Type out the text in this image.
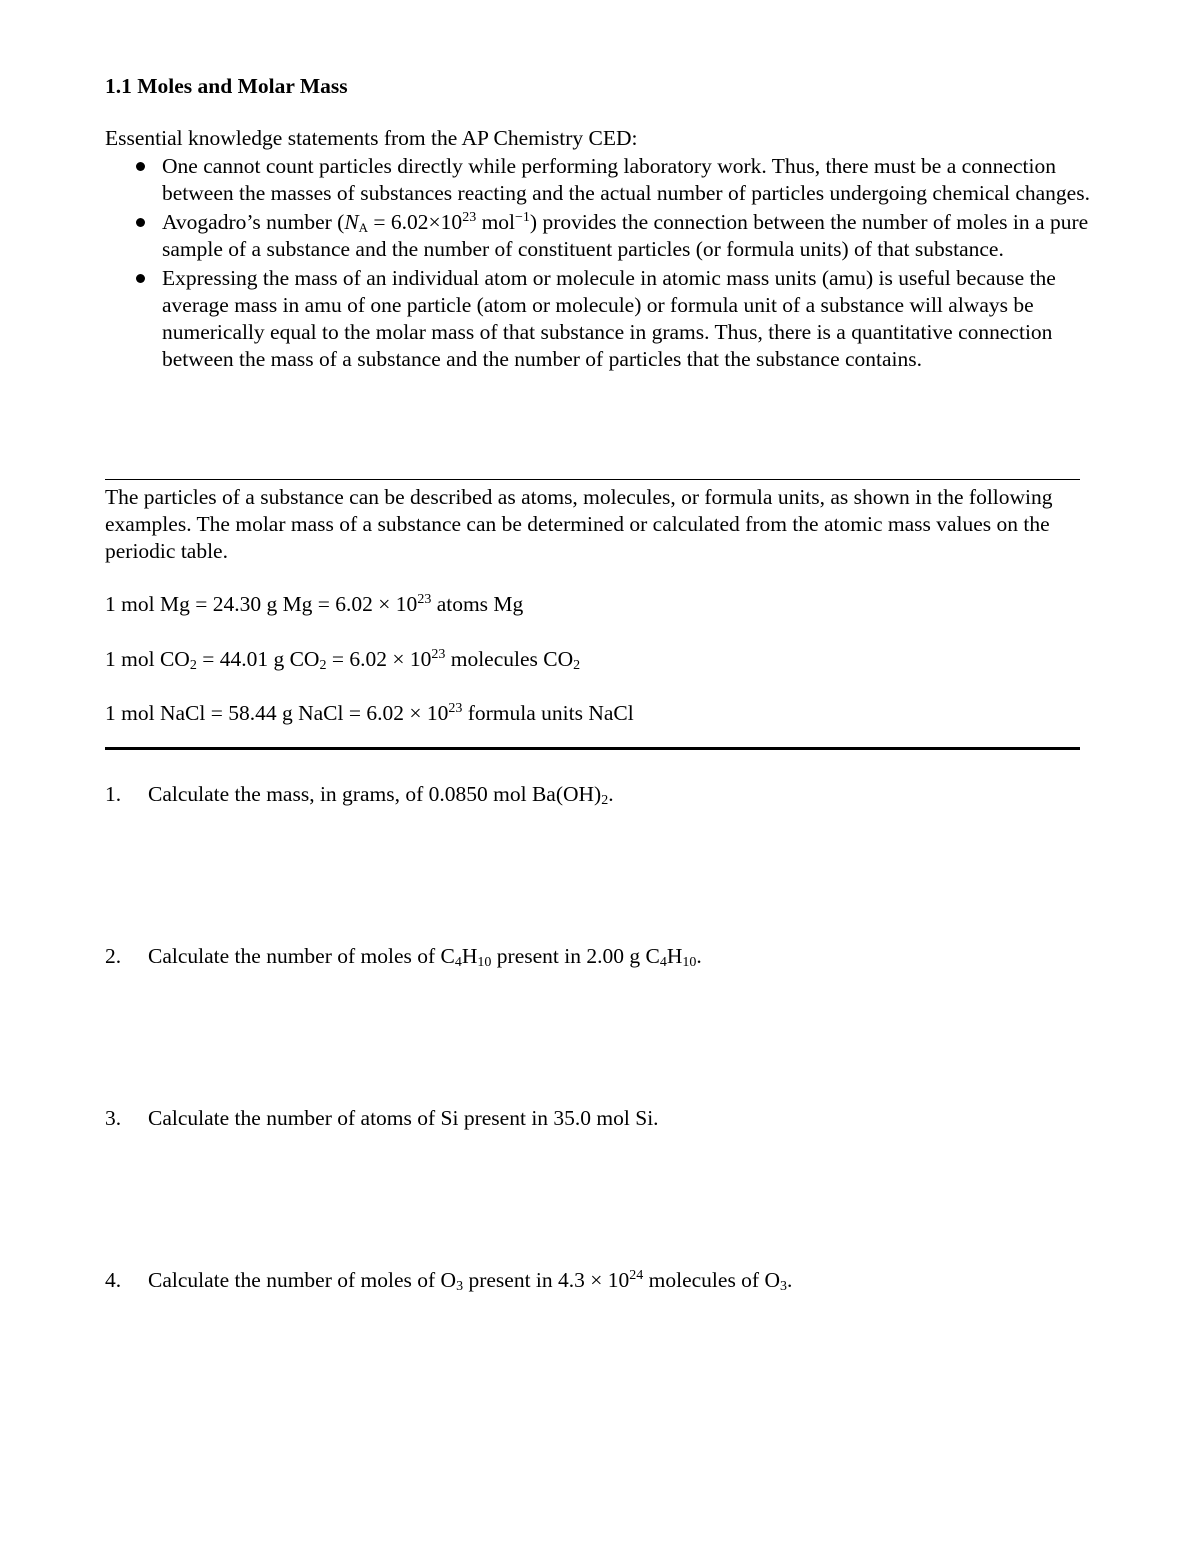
1.1 Moles and Molar Mass
Essential knowledge statements from the AP Chemistry CED:
One cannot count particles directly while performing laboratory work. Thus, there must be a connection between the masses of substances reacting and the actual number of particles undergoing chemical changes.
Avogadro’s number ($N_A = 6.02\times 10^{23}$ mol$^{-1}$) provides the connection between the number of moles in a pure sample of a substance and the number of constituent particles (or formula units) of that substance.
Expressing the mass of an individual atom or molecule in atomic mass units (amu) is useful because the average mass in amu of one particle (atom or molecule) or formula unit of a substance will always be numerically equal to the molar mass of that substance in grams. Thus, there is a quantitative connection between the mass of a substance and the number of particles that the substance contains.
The particles of a substance can be described as atoms, molecules, or formula units, as shown in the following examples. The molar mass of a substance can be determined or calculated from the atomic mass values on the periodic table.
1 mol Mg = 24.30 g $Mg = 6.02 \times 10^{23}$ atoms Mg
1 mol $CO_2 = 44.01$ g $CO_2 = 6.02 \times 10^{23}$ molecules $CO_2$
1 mol NaCl = 58.44 g NaCl = $6.02 \times 10^{23}$ formula units NaCl
1. Calculate the mass, in grams, of 0.0850 mol $Ba(OH)_2$.
2. Calculate the number of moles of $C_4H_{10}$ present in 2.00 g $C_4H_{10}$.
3. Calculate the number of atoms of Si present in 35.0 mol Si.
4. Calculate the number of moles of $O_3$ present in $4.3 \times 10^{24}$ molecules of $O_3$.
